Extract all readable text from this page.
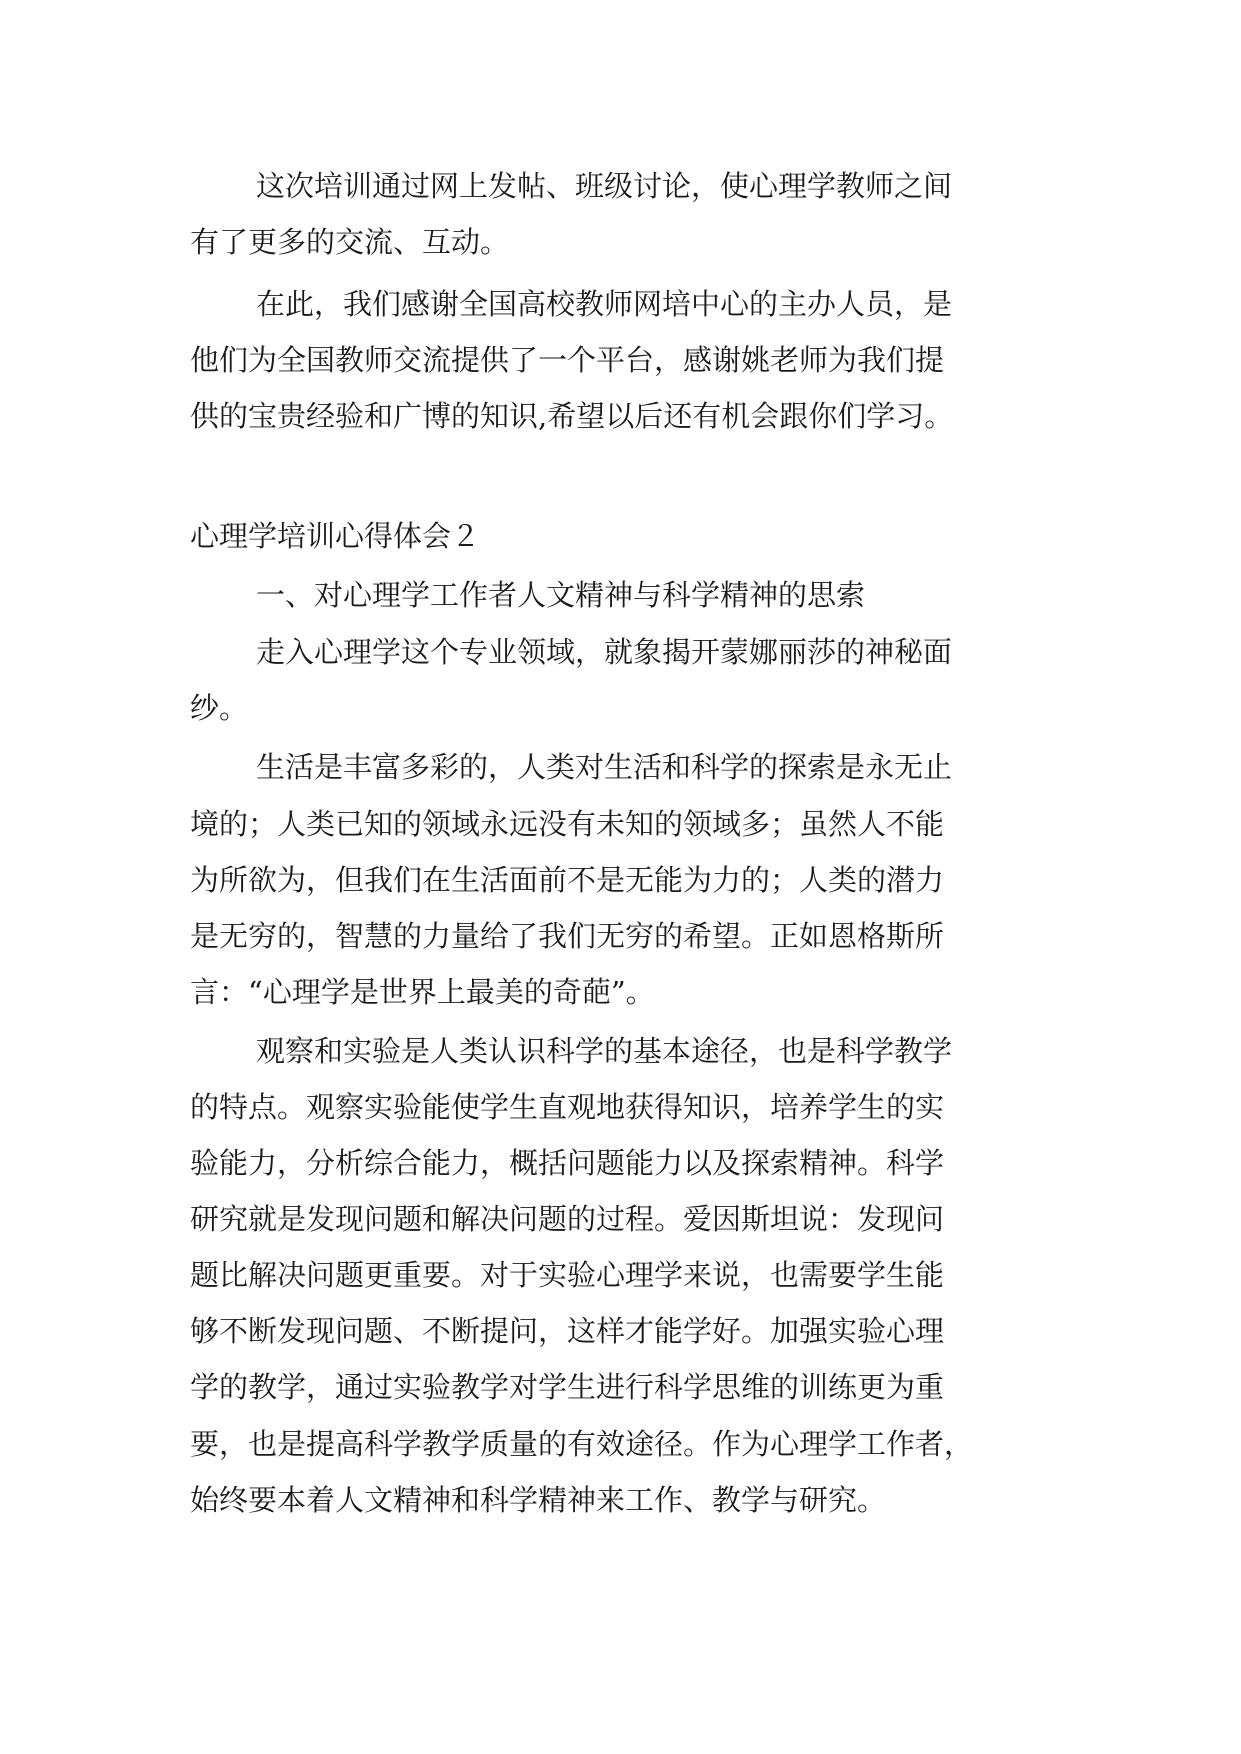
这次培训通过网上发帖、班级讨论，使心理学教师之间
有了更多的交流、互动。
在此，我们感谢全国高校教师网培中心的主办人员，是
他们为全国教师交流提供了一个平台，感谢姚老师为我们提
供的宝贵经验和广博的知识,希望以后还有机会跟你们学习。
心理学培训心得体会２
一、对心理学工作者人文精神与科学精神的思索
走入心理学这个专业领域，就象揭开蒙娜丽莎的神秘面
纱。
生活是丰富多彩的，人类对生活和科学的探索是永无止
境的；人类已知的领域永远没有未知的领域多；虽然人不能
为所欲为，但我们在生活面前不是无能为力的；人类的潜力
是无穷的，智慧的力量给了我们无穷的希望。正如恩格斯所
言：“心理学是世界上最美的奇葩”。
观察和实验是人类认识科学的基本途径，也是科学教学
的特点。观察实验能使学生直观地获得知识，培养学生的实
验能力，分析综合能力，概括问题能力以及探索精神。科学
研究就是发现问题和解决问题的过程。爱因斯坦说：发现问
题比解决问题更重要。对于实验心理学来说，也需要学生能
够不断发现问题、不断提问，这样才能学好。加强实验心理
学的教学，通过实验教学对学生进行科学思维的训练更为重
要，也是提高科学教学质量的有效途径。作为心理学工作者，
始终要本着人文精神和科学精神来工作、教学与研究。
